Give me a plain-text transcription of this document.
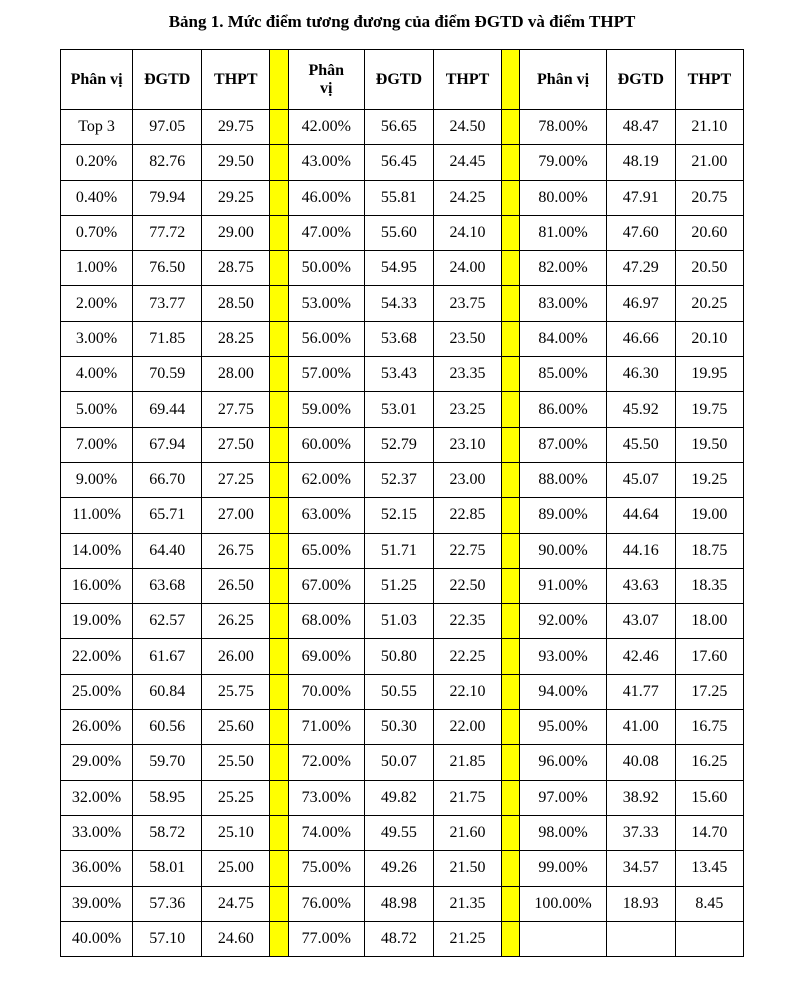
Bảng 1. Mức điểm tương đương của điểm ĐGTD và điểm THPT
Phân vị	ĐGTD	THPT		Phân vị	ĐGTD	THPT		Phân vị	ĐGTD	THPT
Top 3	97.05	29.75		42.00%	56.65	24.50		78.00%	48.47	21.10
0.20%	82.76	29.50		43.00%	56.45	24.45		79.00%	48.19	21.00
0.40%	79.94	29.25		46.00%	55.81	24.25		80.00%	47.91	20.75
0.70%	77.72	29.00		47.00%	55.60	24.10		81.00%	47.60	20.60
1.00%	76.50	28.75		50.00%	54.95	24.00		82.00%	47.29	20.50
2.00%	73.77	28.50		53.00%	54.33	23.75		83.00%	46.97	20.25
3.00%	71.85	28.25		56.00%	53.68	23.50		84.00%	46.66	20.10
4.00%	70.59	28.00		57.00%	53.43	23.35		85.00%	46.30	19.95
5.00%	69.44	27.75		59.00%	53.01	23.25		86.00%	45.92	19.75
7.00%	67.94	27.50		60.00%	52.79	23.10		87.00%	45.50	19.50
9.00%	66.70	27.25		62.00%	52.37	23.00		88.00%	45.07	19.25
11.00%	65.71	27.00		63.00%	52.15	22.85		89.00%	44.64	19.00
14.00%	64.40	26.75		65.00%	51.71	22.75		90.00%	44.16	18.75
16.00%	63.68	26.50		67.00%	51.25	22.50		91.00%	43.63	18.35
19.00%	62.57	26.25		68.00%	51.03	22.35		92.00%	43.07	18.00
22.00%	61.67	26.00		69.00%	50.80	22.25		93.00%	42.46	17.60
25.00%	60.84	25.75		70.00%	50.55	22.10		94.00%	41.77	17.25
26.00%	60.56	25.60		71.00%	50.30	22.00		95.00%	41.00	16.75
29.00%	59.70	25.50		72.00%	50.07	21.85		96.00%	40.08	16.25
32.00%	58.95	25.25		73.00%	49.82	21.75		97.00%	38.92	15.60
33.00%	58.72	25.10		74.00%	49.55	21.60		98.00%	37.33	14.70
36.00%	58.01	25.00		75.00%	49.26	21.50		99.00%	34.57	13.45
39.00%	57.36	24.75		76.00%	48.98	21.35		100.00%	18.93	8.45
40.00%	57.10	24.60		77.00%	48.72	21.25				
